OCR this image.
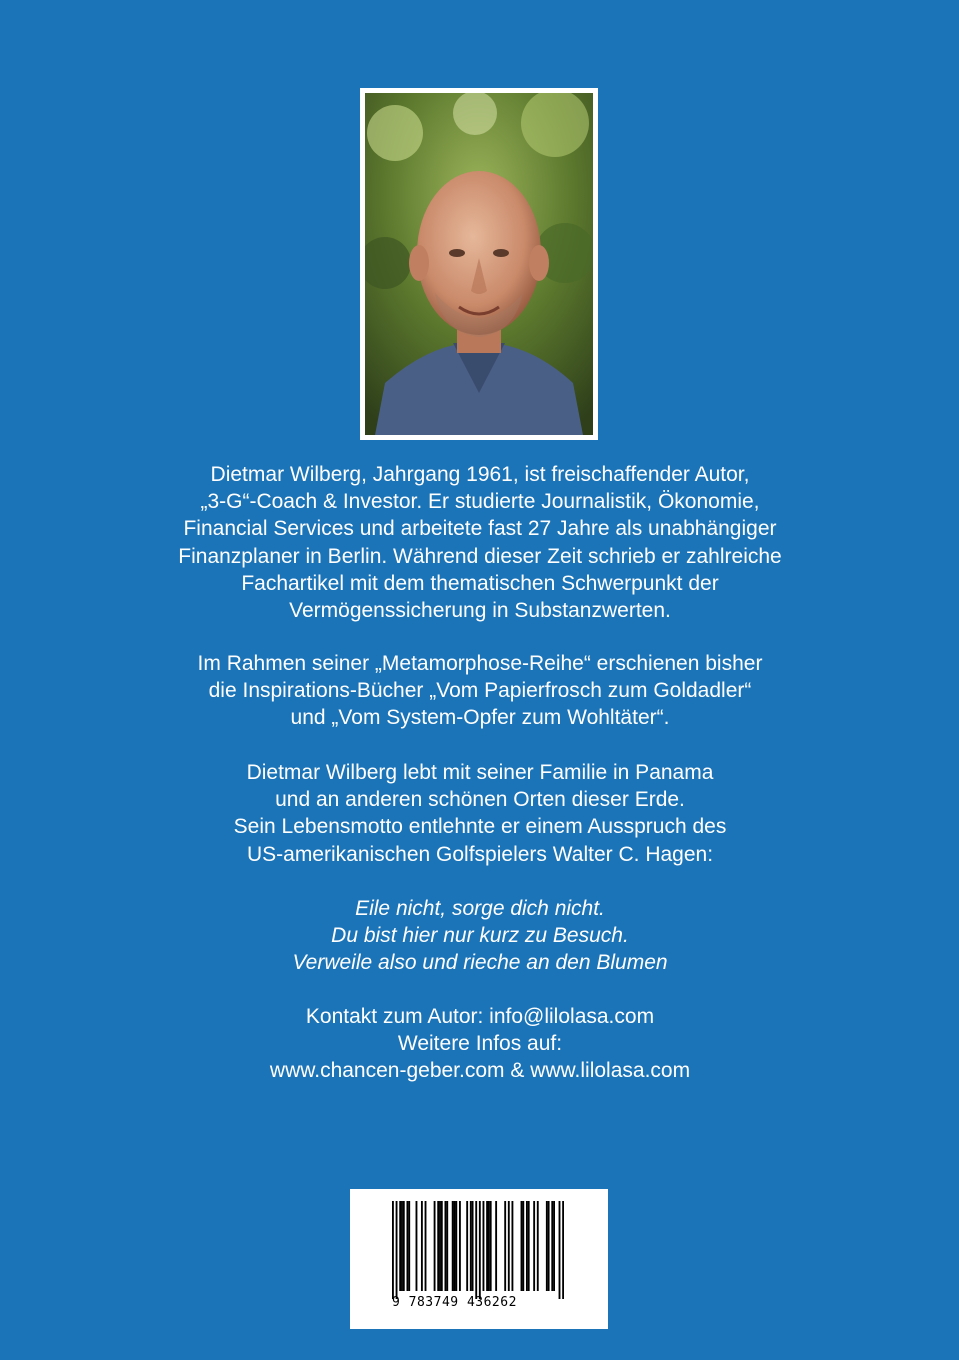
Dietmar Wilberg, Jahrgang 1961, ist freischaffender Autor,

„3-G“-Coach & Investor. Er studierte Journalistik, Ökonomie,

Financial Services und arbeitete fast 27 Jahre als unabhängiger

Finanzplaner in Berlin. Während dieser Zeit schrieb er zahlreiche

Fachartikel mit dem thematischen Schwerpunkt der

Vermögenssicherung in Substanzwerten.

Im Rahmen seiner „Metamorphose-Reihe“ erschienen bisher

die Inspirations-Bücher „Vom Papierfrosch zum Goldadler“

und „Vom System-Opfer zum Wohltäter“.

Dietmar Wilberg lebt mit seiner Familie in Panama

und an anderen schönen Orten dieser Erde.

Sein Lebensmotto entlehnte er einem Ausspruch des

US-amerikanischen Golfspielers Walter C. Hagen:

Eile nicht, sorge dich nicht.

Du bist hier nur kurz zu Besuch.

Verweile also und rieche an den Blumen

Kontakt zum Autor: info@lilolasa.com

Weitere Infos auf:

www.chancen-geber.com & www.lilolasa.com

9 783749 436262
